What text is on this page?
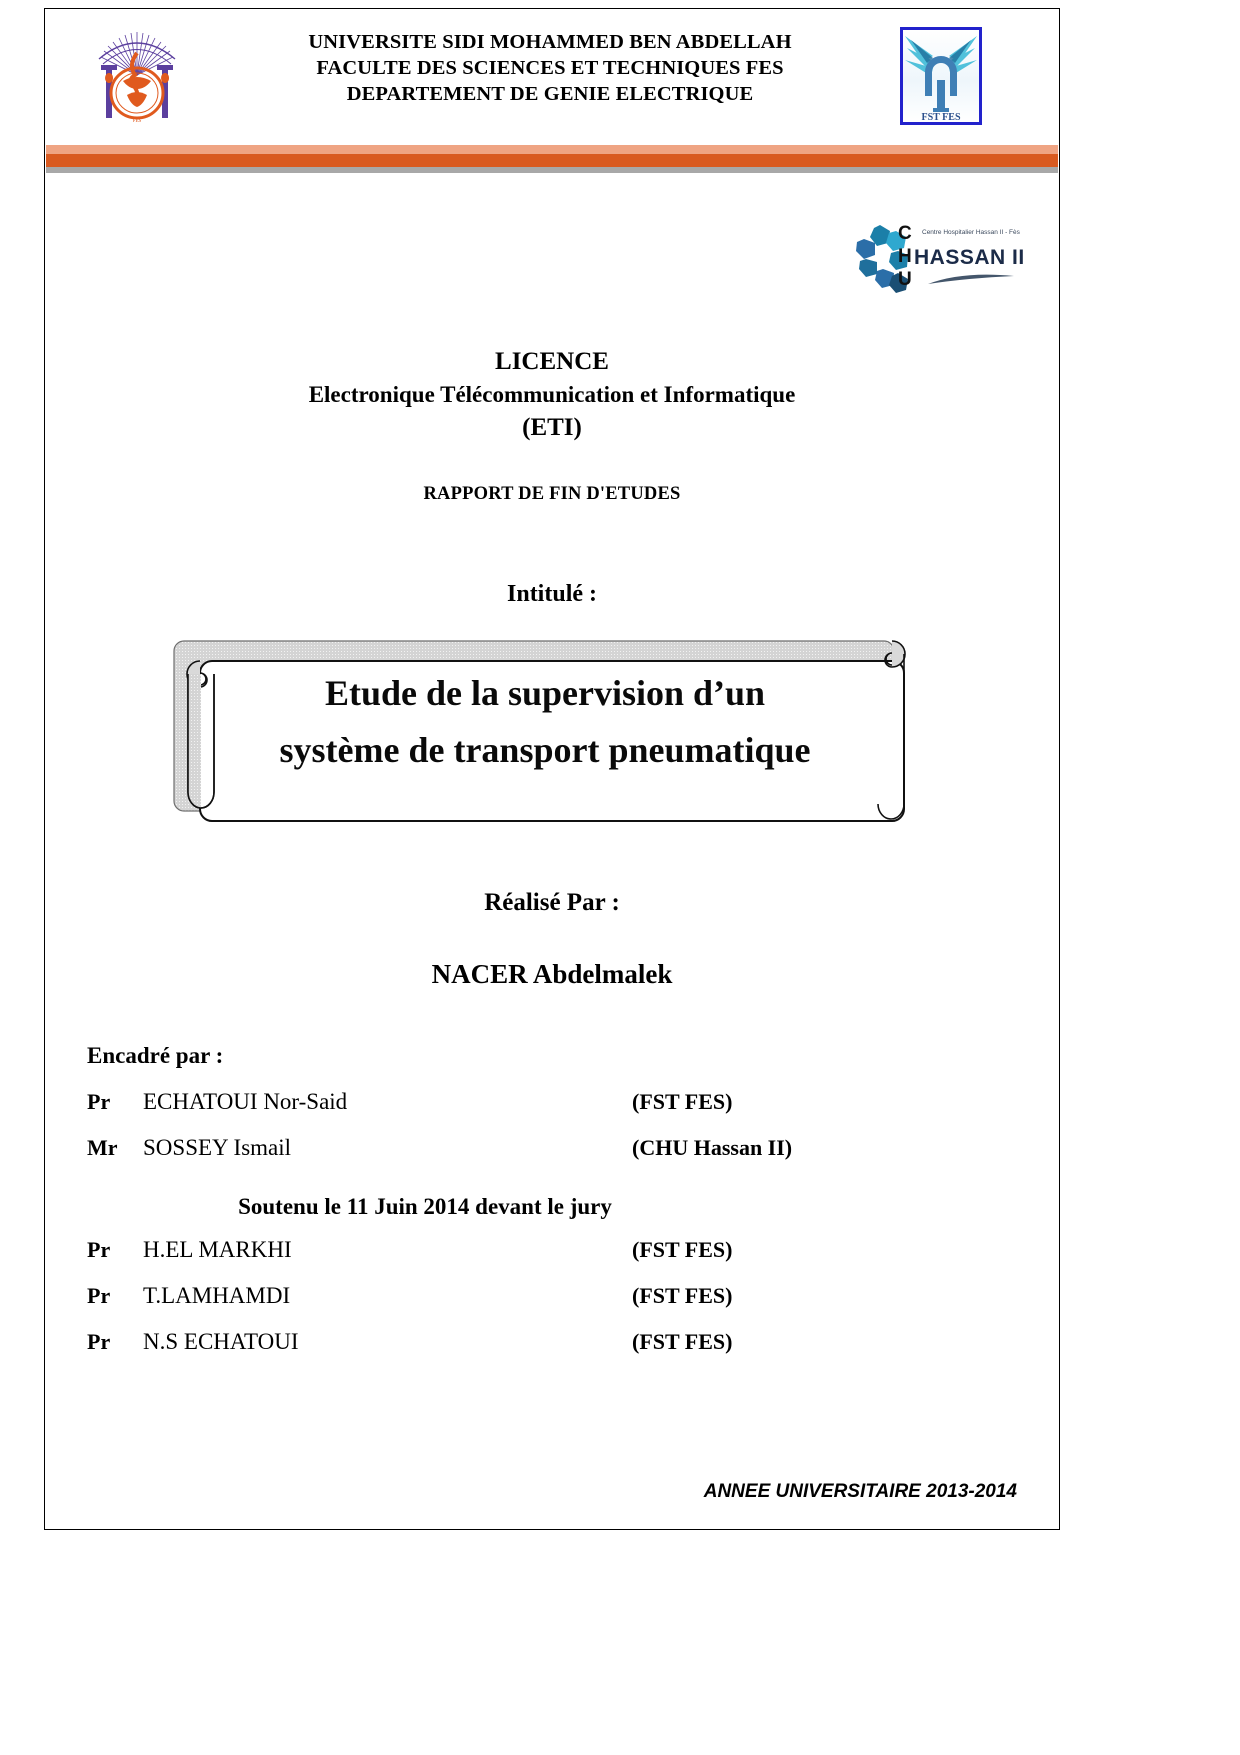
FES
UNIVERSITE SIDI MOHAMMED BEN ABDELLAH
FACULTE DES SCIENCES ET TECHNIQUES FES
DEPARTEMENT DE GENIE ELECTRIQUE
FST FES
C
H
U
Centre Hospitalier Hassan II - Fès
HASSAN II
LICENCE
Electronique Télécommunication et Informatique
(ETI)
RAPPORT DE FIN D'ETUDES
Intitulé :
Etude de la supervision d’un
système de transport pneumatique
Réalisé Par :
NACER Abdelmalek
Encadré par :
Pr	ECHATOUI Nor-Said	(FST FES)
Mr	SOSSEY Ismail	(CHU Hassan II)
Soutenu le 11 Juin 2014 devant le jury
Pr	H.EL MARKHI	(FST FES)
Pr	T.LAMHAMDI	(FST FES)
Pr	N.S ECHATOUI	(FST FES)
ANNEE UNIVERSITAIRE 2013-2014
